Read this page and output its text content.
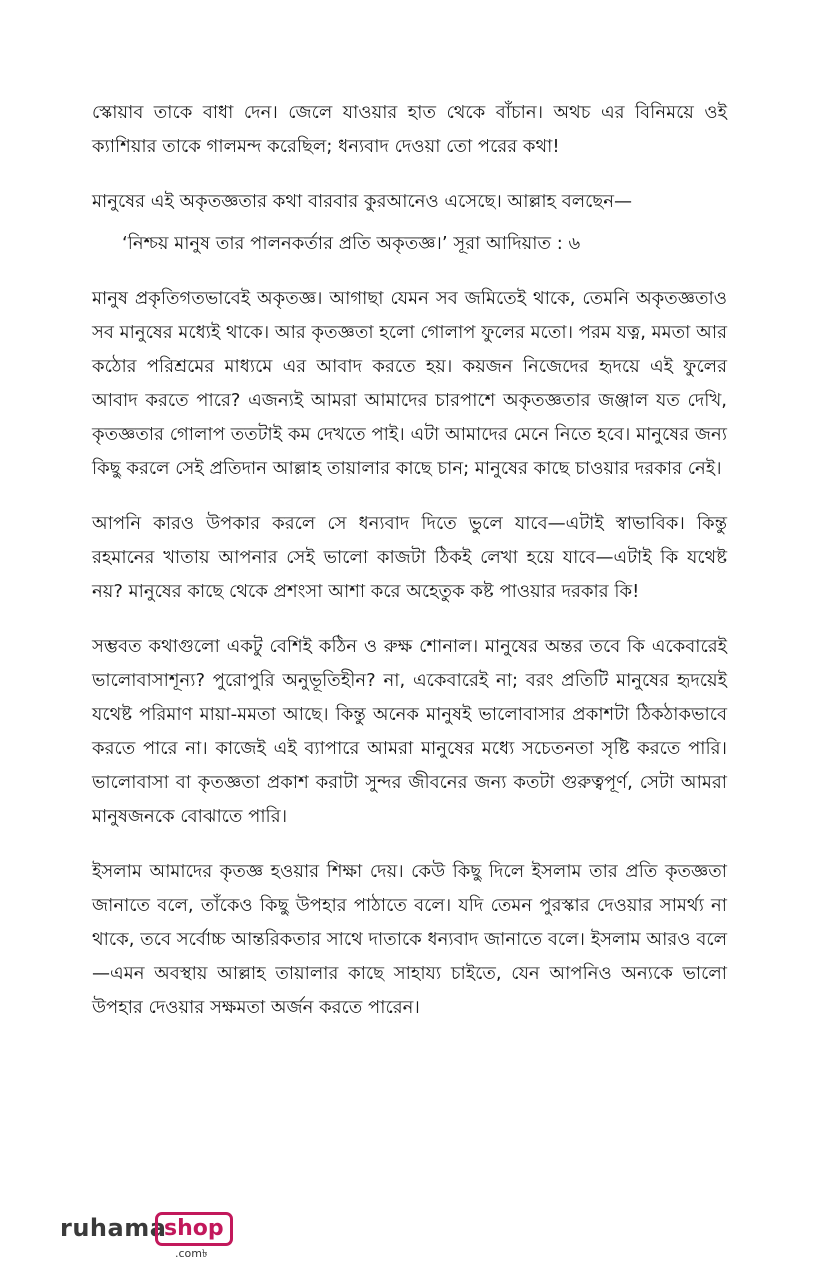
স্কোয়াব তাকে বাধা দেন। জেলে যাওয়ার হাত থেকে বাঁচান। অথচ এর বিনিময়ে ওই ক্যাশিয়ার তাকে গালমন্দ করেছিল; ধন্যবাদ দেওয়া তো পরের কথা!

মানুষের এই অকৃতজ্ঞতার কথা বারবার কুরআনেও এসেছে। আল্লাহ বলছেন—

‘নিশ্চয় মানুষ তার পালনকর্তার প্রতি অকৃতজ্ঞ।’ সূরা আদিয়াত : ৬

মানুষ প্রকৃতিগতভাবেই অকৃতজ্ঞ। আগাছা যেমন সব জমিতেই থাকে, তেমনি অকৃতজ্ঞতাও সব মানুষের মধ্যেই থাকে। আর কৃতজ্ঞতা হলো গোলাপ ফুলের মতো। পরম যত্ন, মমতা আর কঠোর পরিশ্রমের মাধ্যমে এর আবাদ করতে হয়। কয়জন নিজেদের হৃদয়ে এই ফুলের আবাদ করতে পারে? এজন্যই আমরা আমাদের চারপাশে অকৃতজ্ঞতার জঞ্জাল যত দেখি, কৃতজ্ঞতার গোলাপ ততটাই কম দেখতে পাই। এটা আমাদের মেনে নিতে হবে। মানুষের জন্য কিছু করলে সেই প্রতিদান আল্লাহ তায়ালার কাছে চান; মানুষের কাছে চাওয়ার দরকার নেই।

আপনি কারও উপকার করলে সে ধন্যবাদ দিতে ভুলে যাবে—এটাই স্বাভাবিক। কিন্তু রহমানের খাতায় আপনার সেই ভালো কাজটা ঠিকই লেখা হয়ে যাবে—এটাই কি যথেষ্ট নয়? মানুষের কাছে থেকে প্রশংসা আশা করে অহেতুক কষ্ট পাওয়ার দরকার কি!

সম্ভবত কথাগুলো একটু বেশিই কঠিন ও রুক্ষ শোনাল। মানুষের অন্তর তবে কি একেবারেই ভালোবাসাশূন্য? পুরোপুরি অনুভূতিহীন? না, একেবারেই না; বরং প্রতিটি মানুষের হৃদয়েই যথেষ্ট পরিমাণ মায়া-মমতা আছে। কিন্তু অনেক মানুষই ভালোবাসার প্রকাশটা ঠিকঠাকভাবে করতে পারে না। কাজেই এই ব্যাপারে আমরা মানুষের মধ্যে সচেতনতা সৃষ্টি করতে পারি। ভালোবাসা বা কৃতজ্ঞতা প্রকাশ করাটা সুন্দর জীবনের জন্য কতটা গুরুত্বপূর্ণ, সেটা আমরা মানুষজনকে বোঝাতে পারি।

ইসলাম আমাদের কৃতজ্ঞ হওয়ার শিক্ষা দেয়। কেউ কিছু দিলে ইসলাম তার প্রতি কৃতজ্ঞতা জানাতে বলে, তাঁকেও কিছু উপহার পাঠাতে বলে। যদি তেমন পুরস্কার দেওয়ার সামর্থ্য না থাকে, তবে সর্বোচ্চ আন্তরিকতার সাথে দাতাকে ধন্যবাদ জানাতে বলে। ইসলাম আরও বলে—এমন অবস্থায় আল্লাহ তায়ালার কাছে সাহায্য চাইতে, যেন আপনিও অন্যকে ভালো উপহার দেওয়ার সক্ষমতা অর্জন করতে পারেন।

ruhama
shop
.com৳
